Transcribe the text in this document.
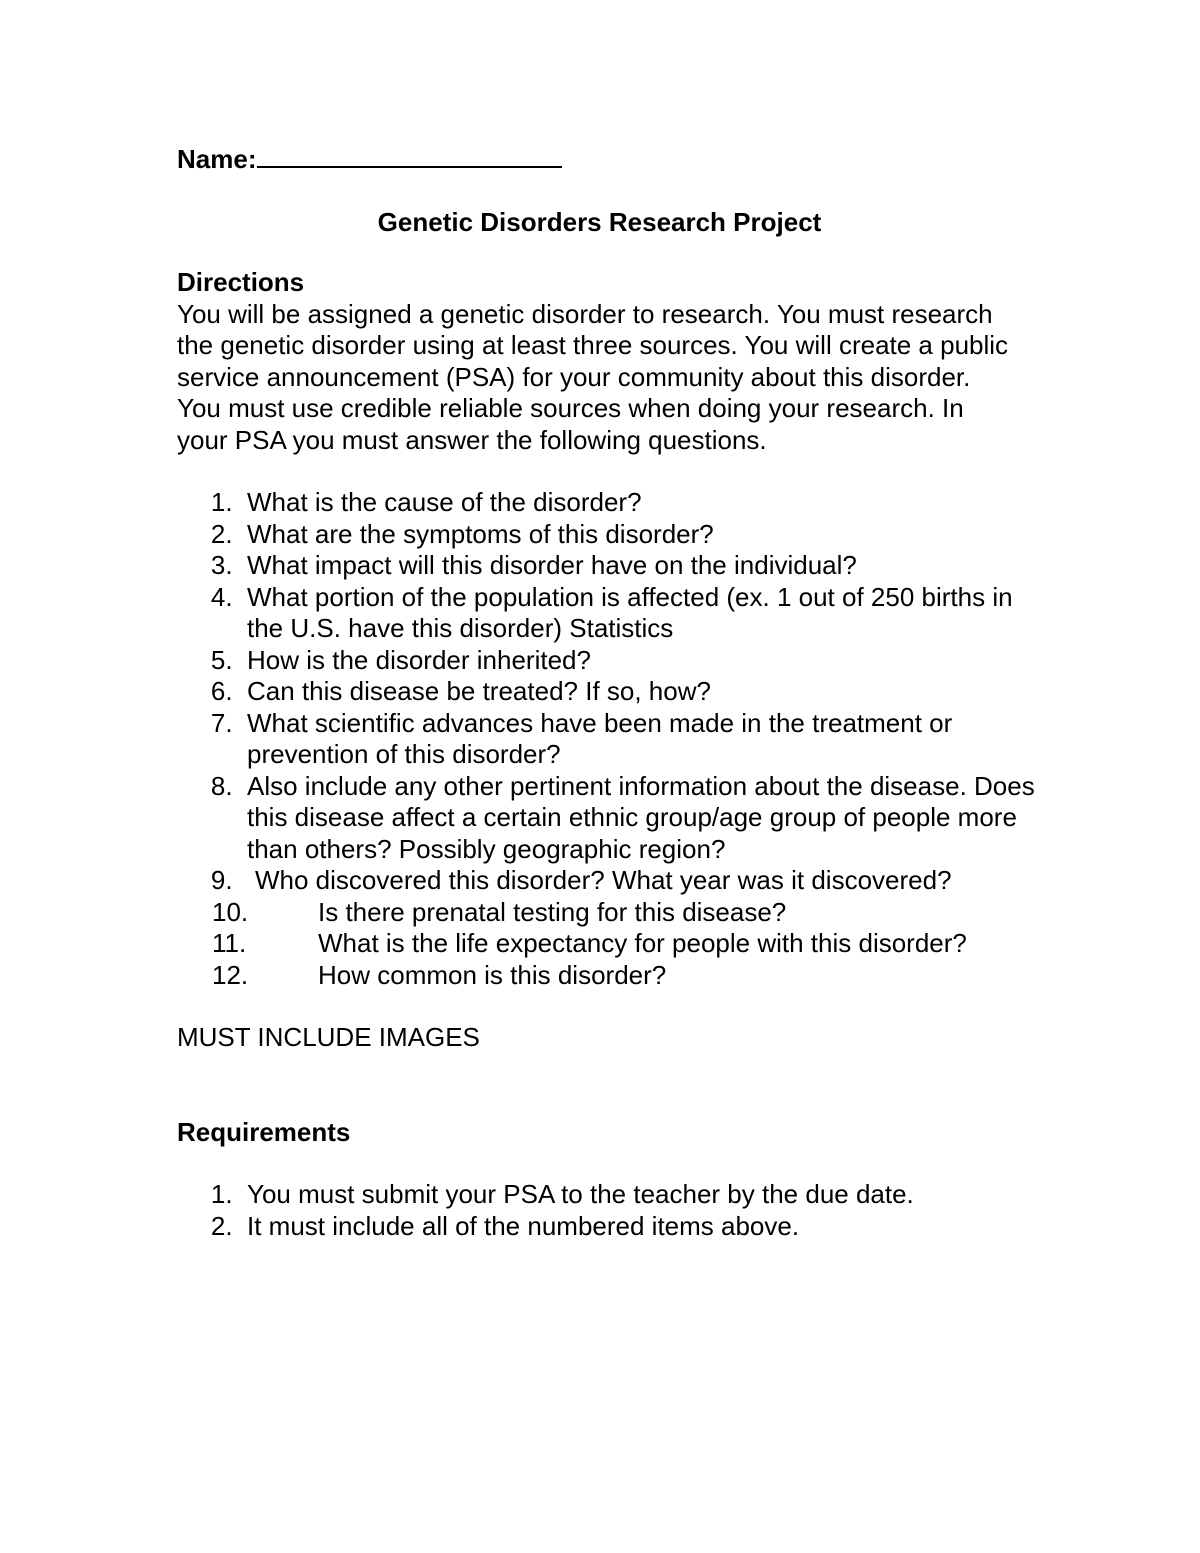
Name:
Genetic Disorders Research Project
Directions
You will be assigned a genetic disorder to research. You must research the genetic disorder using at least three sources. You will create a public service announcement (PSA) for your community about this disorder. You must use credible reliable sources when doing your research. In your PSA you must answer the following questions.
1. What is the cause of the disorder?
2. What are the symptoms of this disorder?
3. What impact will this disorder have on the individual?
4. What portion of the population is affected (ex. 1 out of 250 births in the U.S. have this disorder) Statistics
5. How is the disorder inherited?
6. Can this disease be treated? If so, how?
7. What scientific advances have been made in the treatment or prevention of this disorder?
8. Also include any other pertinent information about the disease. Does this disease affect a certain ethnic group/age group of people more than others? Possibly geographic region?
9. Who discovered this disorder? What year was it discovered?
10.	Is there prenatal testing for this disease?
11.	What is the life expectancy for people with this disorder?
12.	How common is this disorder?
MUST INCLUDE IMAGES
Requirements
1. You must submit your PSA to the teacher by the due date.
2. It must include all of the numbered items above.
